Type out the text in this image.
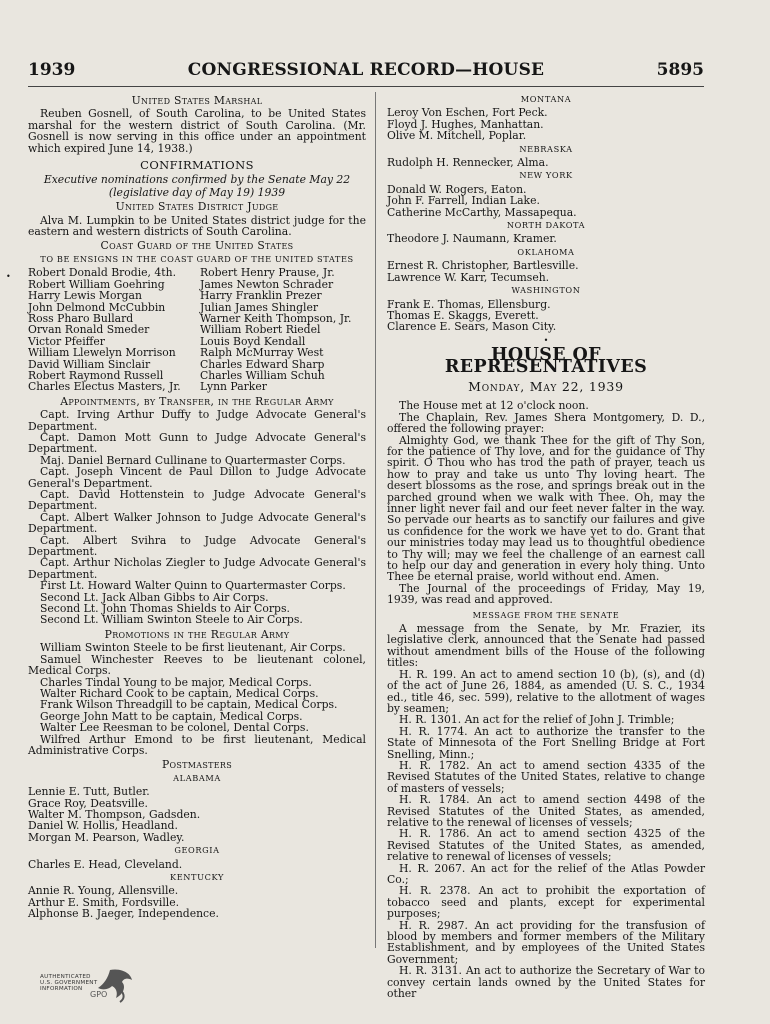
1939	CONGRESSIONAL RECORD—HOUSE	5895
•
United States Marshal

Reuben Gosnell, of South Carolina, to be United States marshal for the western district of South Carolina. (Mr. Gosnell is now serving in this office under an appointment which expired June 14, 1938.)

CONFIRMATIONS
Executive nominations confirmed by the Senate May 22
(legislative day of May 19) 1939
United States District Judge

Alva M. Lumpkin to be United States district judge for the eastern and western districts of South Carolina.

Coast Guard of the United States
TO BE ENSIGNS IN THE COAST GUARD OF THE UNITED STATES
Robert Donald Brodie, 4th.	Robert Henry Prause, Jr.
Robert William Goehring	James Newton Schrader
Harry Lewis Morgan	Harry Franklin Prezer
John Delmond McCubbin	Julian James Shingler
Ross Pharo Bullard	Warner Keith Thompson, Jr.
Orvan Ronald Smeder	William Robert Riedel
Victor Pfeiffer	Louis Boyd Kendall
William Llewelyn Morrison	Ralph McMurray West
David William Sinclair	Charles Edward Sharp
Robert Raymond Russell	Charles William Schuh
Charles Electus Masters, Jr.	Lynn Parker
Appointments, by Transfer, in the Regular Army

Capt. Irving Arthur Duffy to Judge Advocate General's Department.

Capt. Damon Mott Gunn to Judge Advocate General's Department.

Maj. Daniel Bernard Cullinane to Quartermaster Corps.

Capt. Joseph Vincent de Paul Dillon to Judge Advocate General's Department.

Capt. David Hottenstein to Judge Advocate General's Department.

Capt. Albert Walker Johnson to Judge Advocate General's Department.

Capt. Albert Svihra to Judge Advocate General's Department.

Capt. Arthur Nicholas Ziegler to Judge Advocate General's Department.

First Lt. Howard Walter Quinn to Quartermaster Corps.

Second Lt. Jack Alban Gibbs to Air Corps.

Second Lt. John Thomas Shields to Air Corps.

Second Lt. William Swinton Steele to Air Corps.

Promotions in the Regular Army

William Swinton Steele to be first lieutenant, Air Corps.

Samuel Winchester Reeves to be lieutenant colonel, Medical Corps.

Charles Tindal Young to be major, Medical Corps.

Walter Richard Cook to be captain, Medical Corps.

Frank Wilson Threadgill to be captain, Medical Corps.

George John Matt to be captain, Medical Corps.

Walter Lee Reesman to be colonel, Dental Corps.

Wilfred Arthur Emond to be first lieutenant, Medical Administrative Corps.

Postmasters
ALABAMA

Lennie E. Tutt, Butler.

Grace Roy, Deatsville.

Walter M. Thompson, Gadsden.

Daniel W. Hollis, Headland.

Morgan M. Pearson, Wadley.

GEORGIA

Charles E. Head, Cleveland.

KENTUCKY

Annie R. Young, Allensville.

Arthur E. Smith, Fordsville.

Alphonse B. Jaeger, Independence.

MONTANA

Leroy Von Eschen, Fort Peck.

Floyd J. Hughes, Manhattan.

Olive M. Mitchell, Poplar.

NEBRASKA

Rudolph H. Rennecker, Alma.

NEW YORK

Donald W. Rogers, Eaton.

John F. Farrell, Indian Lake.

Catherine McCarthy, Massapequa.

NORTH DAKOTA

Theodore J. Naumann, Kramer.

OKLAHOMA

Ernest R. Christopher, Bartlesville.

Lawrence W. Karr, Tecumseh.

WASHINGTON

Frank E. Thomas, Ellensburg.

Thomas E. Skaggs, Everett.

Clarence E. Sears, Mason City.

•
HOUSE OF REPRESENTATIVES
Monday, May 22, 1939

The House met at 12 o'clock noon.

The Chaplain, Rev. James Shera Montgomery, D. D., offered the following prayer:

Almighty God, we thank Thee for the gift of Thy Son, for the patience of Thy love, and for the guidance of Thy spirit. O Thou who has trod the path of prayer, teach us how to pray and take us unto Thy loving heart. The desert blossoms as the rose, and springs break out in the parched ground when we walk with Thee. Oh, may the inner light never fail and our feet never falter in the way. So pervade our hearts as to sanctify our failures and give us confidence for the work we have yet to do. Grant that our ministries today may lead us to thoughtful obedience to Thy will; may we feel the challenge of an earnest call to help our day and generation in every holy thing. Unto Thee be eternal praise, world without end. Amen.

The Journal of the proceedings of Friday, May 19, 1939, was read and approved.

MESSAGE FROM THE SENATE

A message from the Senate, by Mr. Frazier, its legislative clerk, announced that the Senate had passed without amendment bills of the House of the following titles:

H. R. 199. An act to amend section 10 (b), (s), and (d) of the act of June 26, 1884, as amended (U. S. C., 1934 ed., title 46, sec. 599), relative to the allotment of wages by seamen;

H. R. 1301. An act for the relief of John J. Trimble;

H. R. 1774. An act to authorize the transfer to the State of Minnesota of the Fort Snelling Bridge at Fort Snelling, Minn.;

H. R. 1782. An act to amend section 4335 of the Revised Statutes of the United States, relative to change of masters of vessels;

H. R. 1784. An act to amend section 4498 of the Revised Statutes of the United States, as amended, relative to the renewal of licenses of vessels;

H. R. 1786. An act to amend section 4325 of the Revised Statutes of the United States, as amended, relative to renewal of licenses of vessels;

H. R. 2067. An act for the relief of the Atlas Powder Co.;

H. R. 2378. An act to prohibit the exportation of tobacco seed and plants, except for experimental purposes;

H. R. 2987. An act providing for the transfusion of blood by members and former members of the Military Establishment, and by employees of the United States Government;

H. R. 3131. An act to authorize the Secretary of War to convey certain lands owned by the United States for other

AUTHENTICATED
U.S. GOVERNMENT
INFORMATION
GPO
